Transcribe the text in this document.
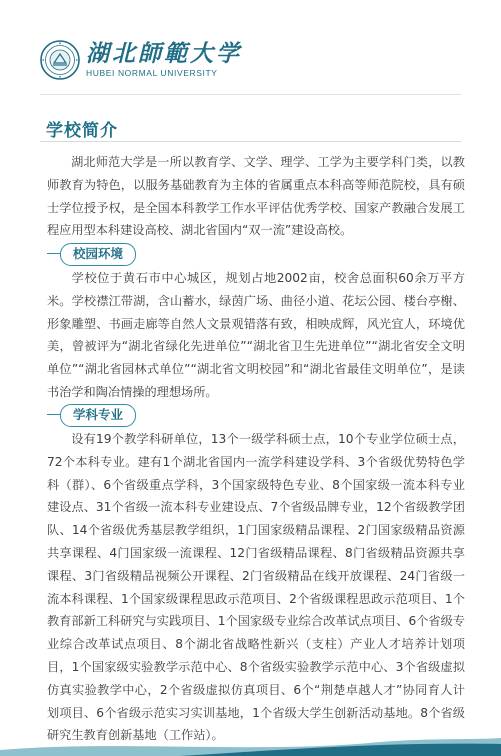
湖北師範大学
HUBEI NORMAL UNIVERSITY
学校简介

湖北师范大学是一所以教育学、文学、理学、工学为主要学科门类，以教师教育为特色，以服务基础教育为主体的省属重点本科高等师范院校，具有硕士学位授予权，是全国本科教学工作水平评估优秀学校、国家产教融合发展工程应用型本科建设高校、湖北省国内“双一流”建设高校。

校园环境

学校位于黄石市中心城区，规划占地2002亩，校舍总面积60余万平方米。学校襟江带湖，含山蓄水，绿茵广场、曲径小道、花坛公园、楼台亭榭、形象雕塑、书画走廊等自然人文景观错落有致，相映成辉，风光宜人，环境优美，曾被评为“湖北省绿化先进单位”“湖北省卫生先进单位”“湖北省安全文明单位”“湖北省园林式单位”“湖北省文明校园”和“湖北省最佳文明单位”，是读书治学和陶冶情操的理想场所。

学科专业

设有19个教学科研单位，13个一级学科硕士点，10个专业学位硕士点，72个本科专业。建有1个湖北省国内一流学科建设学科、3个省级优势特色学科（群）、6个省级重点学科，3个国家级特色专业、8个国家级一流本科专业建设点、31个省级一流本科专业建设点、7个省级品牌专业，12个省级教学团队、14个省级优秀基层教学组织，1门国家级精品课程、2门国家级精品资源共享课程、4门国家级一流课程、12门省级精品课程、8门省级精品资源共享课程、3门省级精品视频公开课程、2门省级精品在线开放课程、24门省级一流本科课程、1个国家级课程思政示范项目、2个省级课程思政示范项目、1个教育部新工科研究与实践项目、1个国家级专业综合改革试点项目、6个省级专业综合改革试点项目、8个湖北省战略性新兴（支柱）产业人才培养计划项目，1个国家级实验教学示范中心、8个省级实验教学示范中心、3个省级虚拟仿真实验教学中心，2个省级虚拟仿真项目、6个“荆楚卓越人才”协同育人计划项目、6个省级示范实习实训基地，1个省级大学生创新活动基地。8个省级研究生教育创新基地（工作站）。
